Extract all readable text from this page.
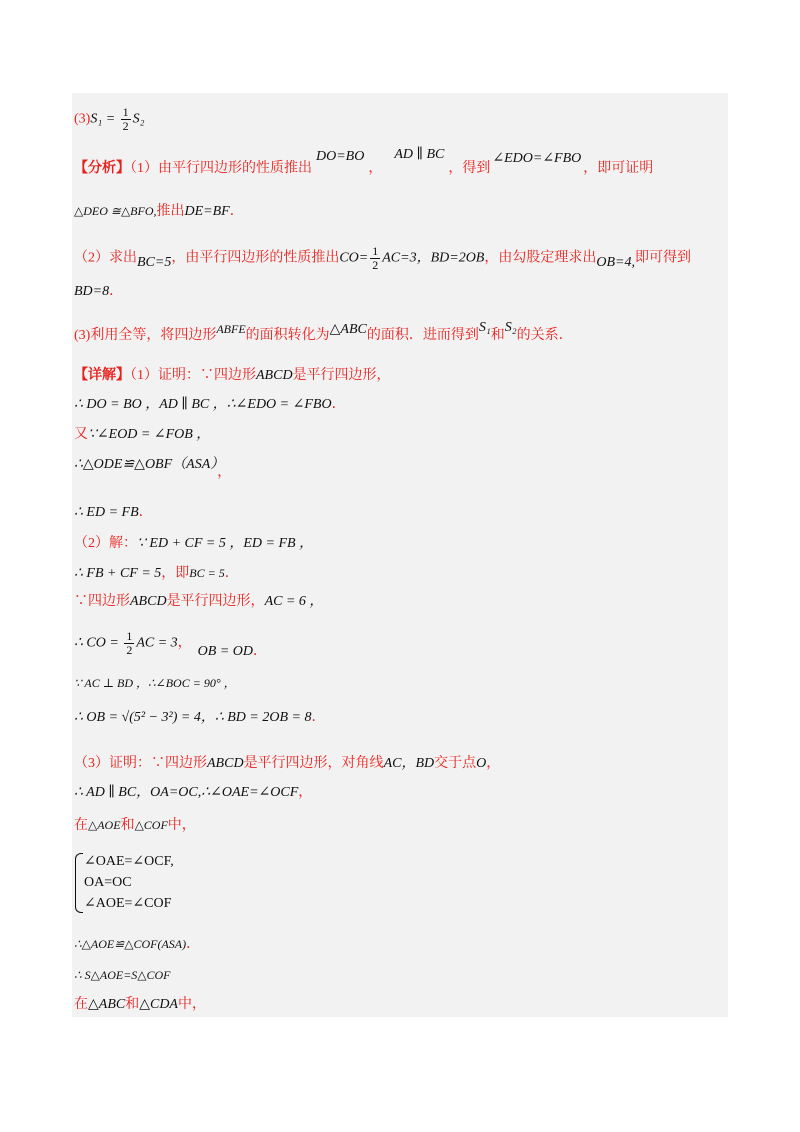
$(3)S_1 = \frac{1}{2} S_2$
【分析】（1）由平行四边形的性质推出DO=BO，AD ∥ BC，得到∠EDO=∠FBO，即可证明
△DEO ≅△BFO,推出DE=BF．
（2）求出BC=5，由平行四边形的性质推出$CO= \frac{1}{2} AC=3$，BD=2OB，由勾股定理求出OB=4,即可得到
BD=8．
(3)利用全等，将四边形ABFE的面积转化为△ABC的面积．进而得到S₁和S₂的关系．
【详解】（1）证明：∵四边形ABCD是平行四边形，
∴ DO = BO ，AD ∥ BC ，∴∠EDO = ∠FBO．
又∵∠EOD = ∠FOB ，
∴△ODE≌△OBF（ASA），
∴ ED = FB．
（2）解：∵ ED + CF = 5 ，ED = FB ，
∴ FB + CF = 5，即BC = 5．
∵四边形ABCD是平行四边形，AC = 6 ，
∴ CO = $\frac{1}{2}$ AC = 3，OB = OD．
∵ AC ⊥ BD ，∴∠BOC = 90° ，
∴ OB = √(5² − 3²) = 4，∴ BD = 2OB = 8．
（3）证明：∵四边形ABCD是平行四边形，对角线AC，BD交于点O，
∴ AD ∥ BC，OA=OC,∴∠OAE=∠OCF，
在△AOE和△COF中，
∠OAE=∠OCF,
OA=OC
∠AOE=∠COF
∴△AOE≌△COF(ASA)．
∴ S△AOE=S△COF
在△ABC和△CDA中，
